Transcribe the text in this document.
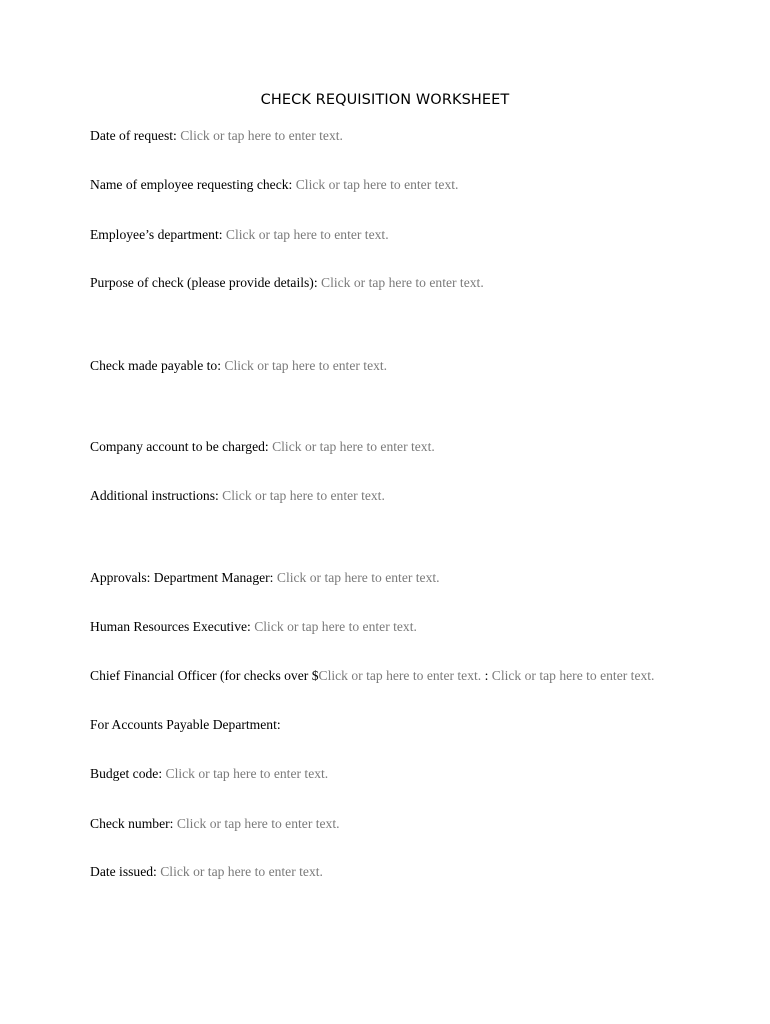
CHECK REQUISITION WORKSHEET
Date of request: Click or tap here to enter text.
Name of employee requesting check: Click or tap here to enter text.
Employee’s department: Click or tap here to enter text.
Purpose of check (please provide details): Click or tap here to enter text.
Check made payable to: Click or tap here to enter text.
Company account to be charged: Click or tap here to enter text.
Additional instructions: Click or tap here to enter text.
Approvals: Department Manager: Click or tap here to enter text.
Human Resources Executive: Click or tap here to enter text.
Chief Financial Officer (for checks over $Click or tap here to enter text. : Click or tap here to enter text.
For Accounts Payable Department:
Budget code: Click or tap here to enter text.
Check number: Click or tap here to enter text.
Date issued: Click or tap here to enter text.
